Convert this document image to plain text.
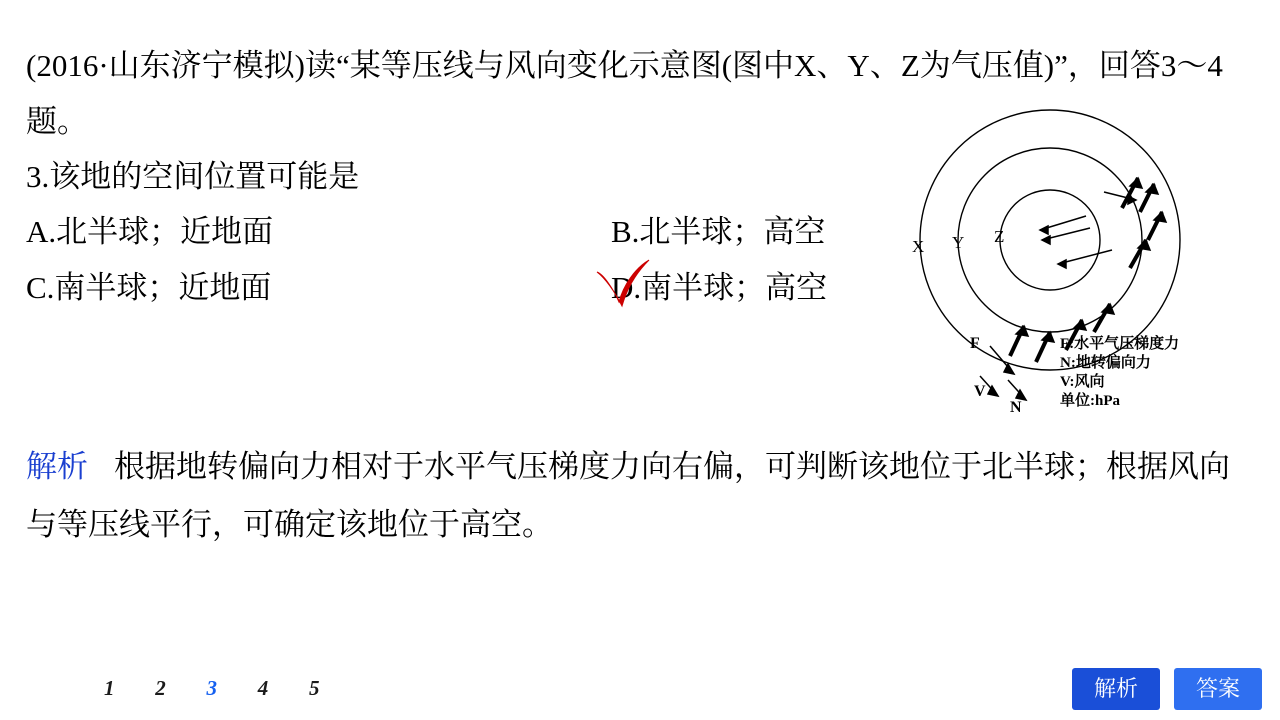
(2016·山东济宁模拟)读“某等压线与风向变化示意图(图中X、Y、Z为气压值)”，回答3～4题。
3.该地的空间位置可能是
A.北半球；近地面	B.北半球；高空
C.南半球；近地面	D.南半球；高空
解析 根据地转偏向力相对于水平气压梯度力向右偏，可判断该地位于北半球；根据风向与等压线平行，可确定该地位于高空。
X Y Z
F
V
N
F:水平气压梯度力
N:地转偏向力
V:风向
单位:hPa
1 2 3 4 5	解析	答案
